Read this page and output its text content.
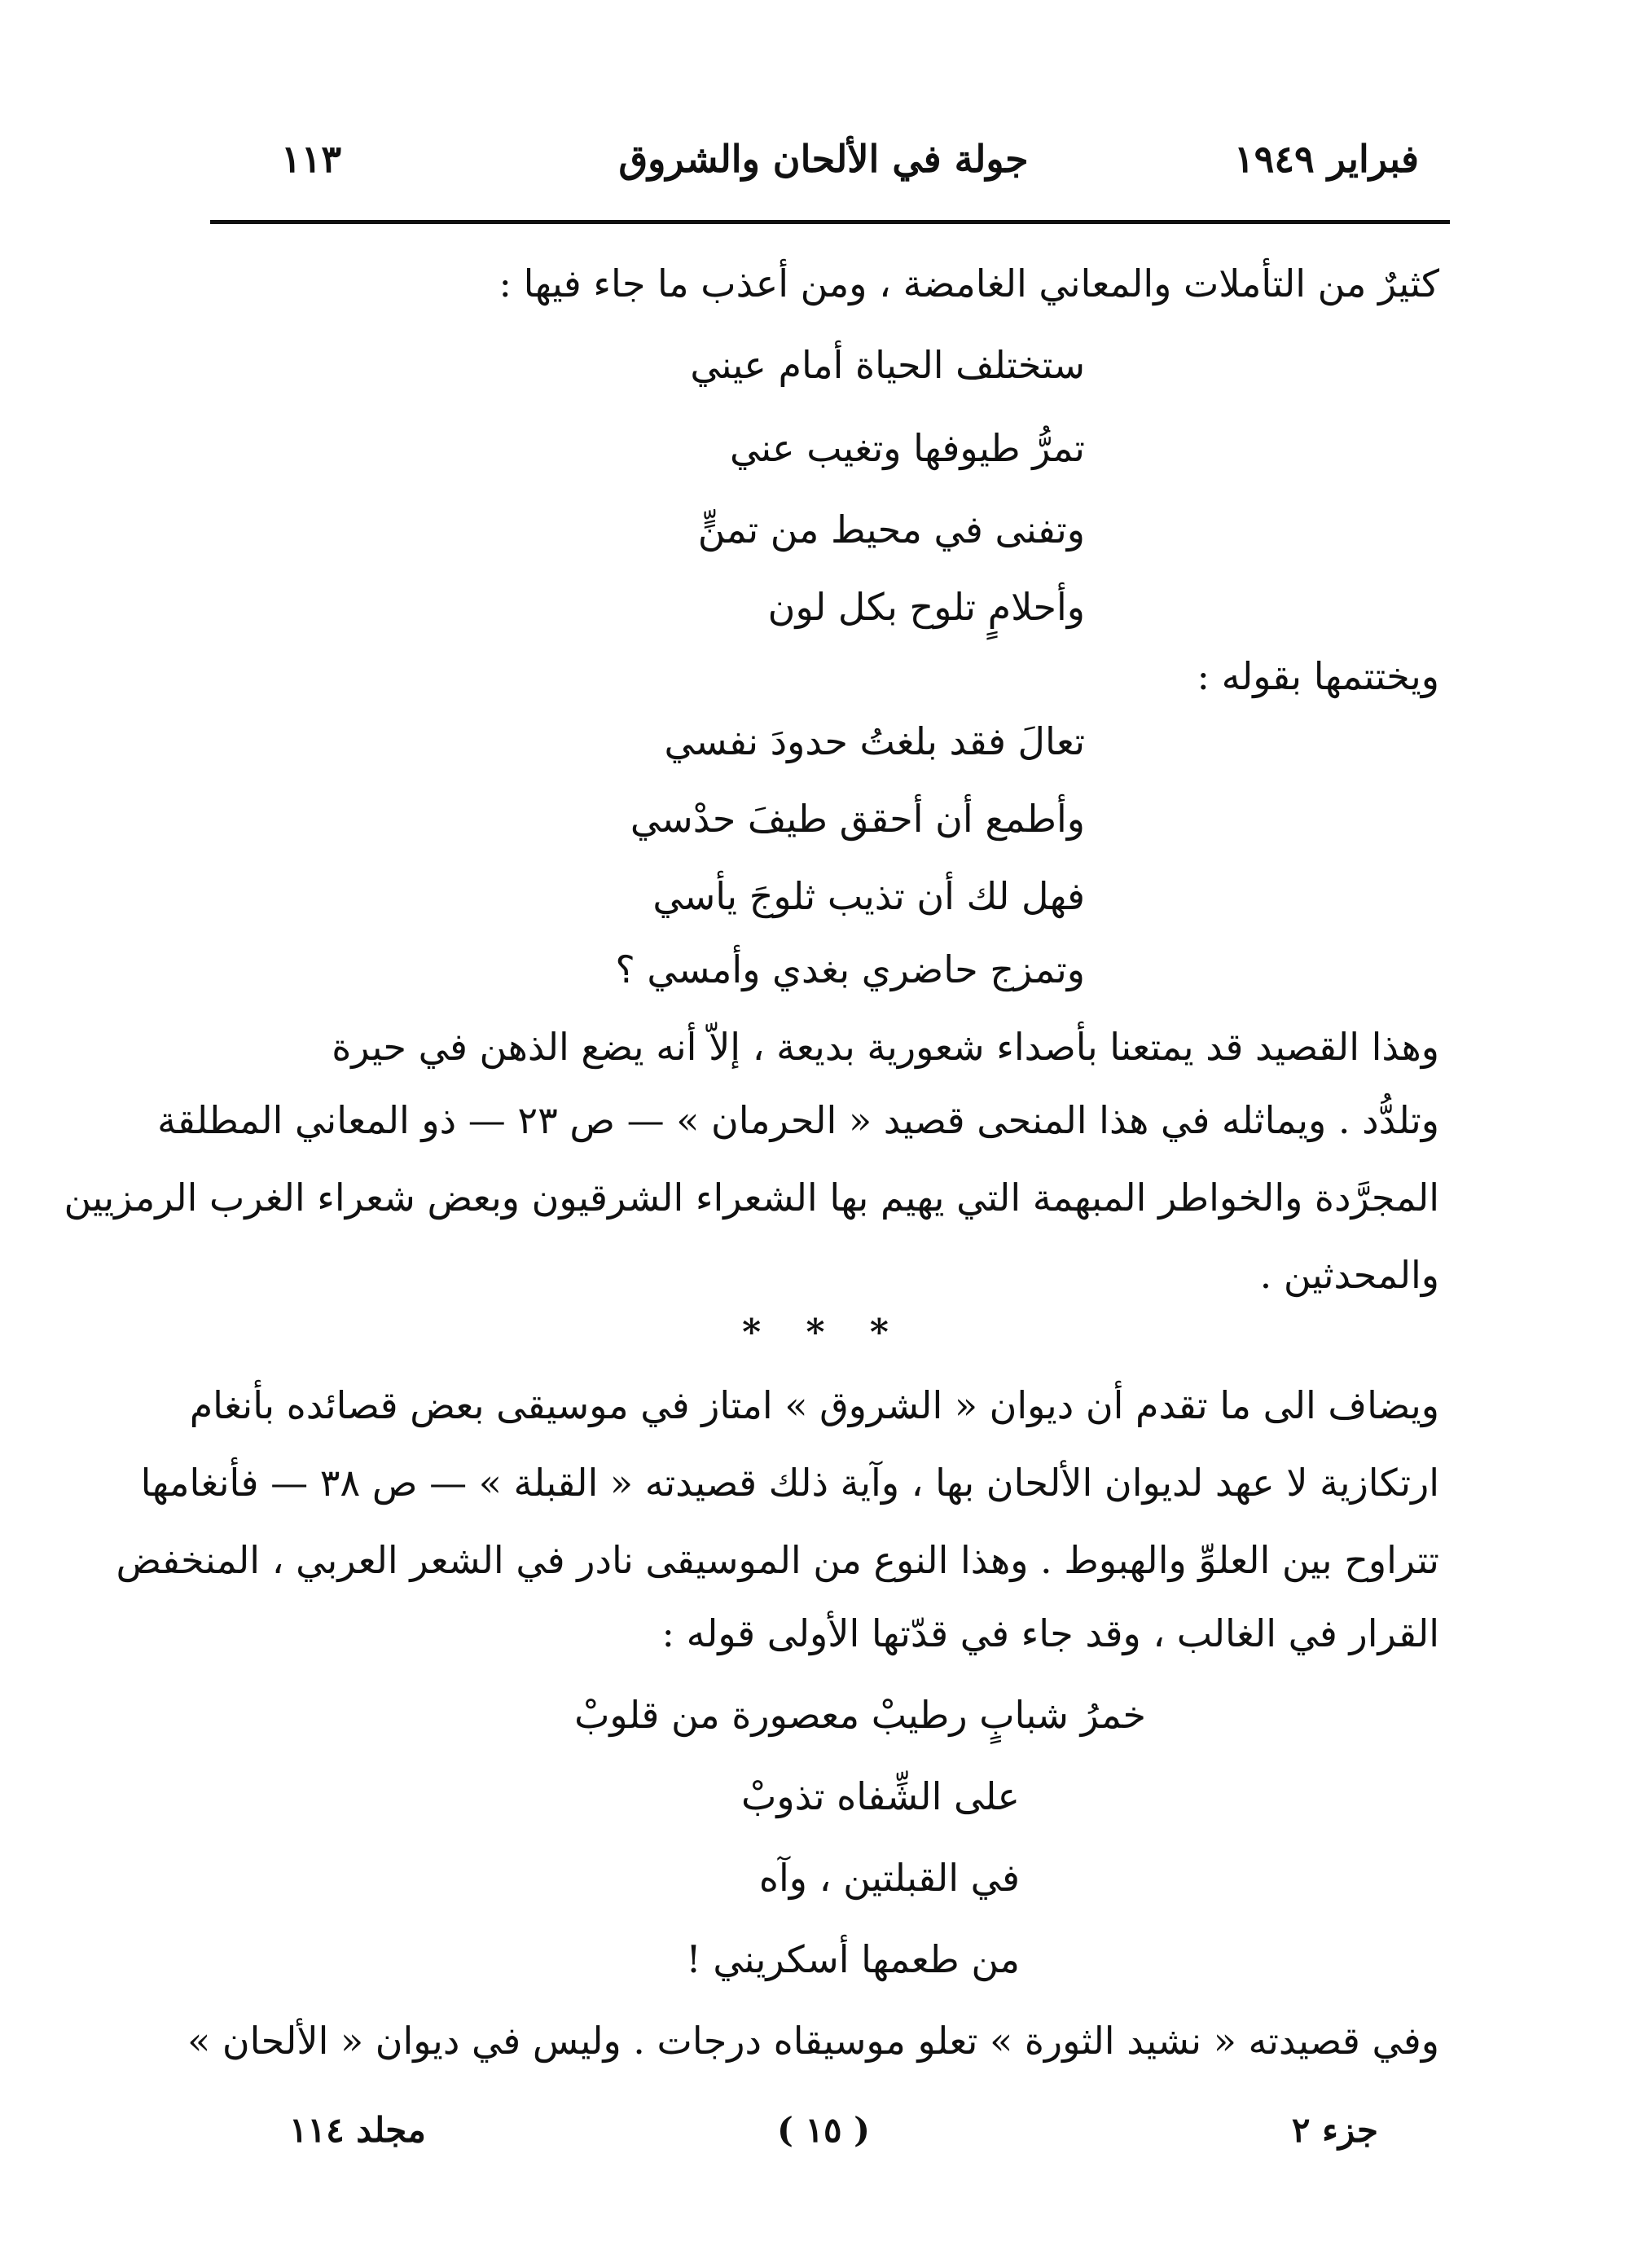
فبراير ١٩٤٩
جولة في الألحان والشروق
١١٣
كثيرٌ من التأملات والمعاني الغامضة ، ومن أعذب ما جاء فيها :
ستختلف الحياة أمام عيني
تمرُّ طيوفها وتغيب عني
وتفنى في محيط من تمنٍّ
وأحلامٍ تلوح بكل لون
ويختتمها بقوله :
تعالَ فقد بلغتُ حدودَ نفسي
وأطمع أن أحقق طيفَ حدْسي
فهل لك أن تذيب ثلوجَ يأسي
وتمزج حاضري بغدي وأمسي ؟
وهذا القصيد قد يمتعنا بأصداء شعورية بديعة ، إلاّ أنه يضع الذهن في حيرة
وتلدُّد . ويماثله في هذا المنحى قصيد « الحرمان » — ص ٢٣ — ذو المعاني المطلقة
المجرَّدة والخواطر المبهمة التي يهيم بها الشعراء الشرقيون وبعض شعراء الغرب الرمزيين
والمحدثين .
* * *
ويضاف الى ما تقدم أن ديوان « الشروق » امتاز في موسيقى بعض قصائده بأنغام
ارتكازية لا عهد لديوان الألحان بها ، وآية ذلك قصيدته « القبلة » — ص ٣٨ — فأنغامها
تتراوح بين العلوِّ والهبوط . وهذا النوع من الموسيقى نادر في الشعر العربي ، المنخفض
القرار في الغالب ، وقد جاء في قدّتها الأولى قوله :
خمرُ شبابٍ رطيبْ معصورة من قلوبْ
على الشِّفاه تذوبْ
في القبلتين ، وآه
من طعمها أسكريني !
وفي قصيدته « نشيد الثورة » تعلو موسيقاه درجات . وليس في ديوان « الألحان »
جزء ٢
( ١٥ )
مجلد ١١٤
